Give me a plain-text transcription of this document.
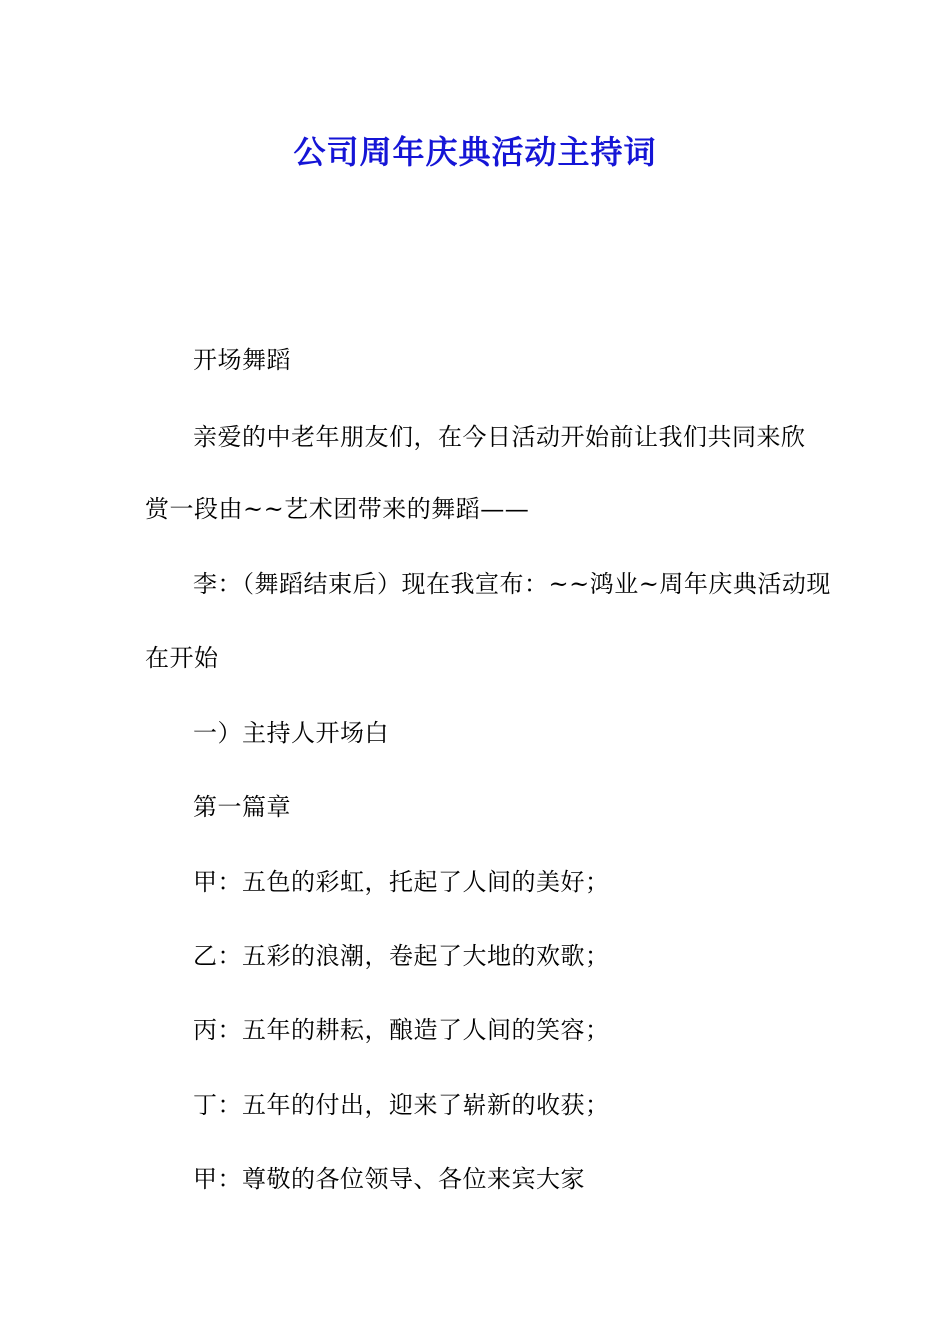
公司周年庆典活动主持词
开场舞蹈
亲爱的中老年朋友们，在今日活动开始前让我们共同来欣
赏一段由~~艺术团带来的舞蹈——
李：（舞蹈结束后）现在我宣布：~~鸿业~周年庆典活动现
在开始
一）主持人开场白
第一篇章
甲：五色的彩虹，托起了人间的美好；
乙：五彩的浪潮，卷起了大地的欢歌；
丙：五年的耕耘，酿造了人间的笑容；
丁：五年的付出，迎来了崭新的收获；
甲：尊敬的各位领导、各位来宾大家
